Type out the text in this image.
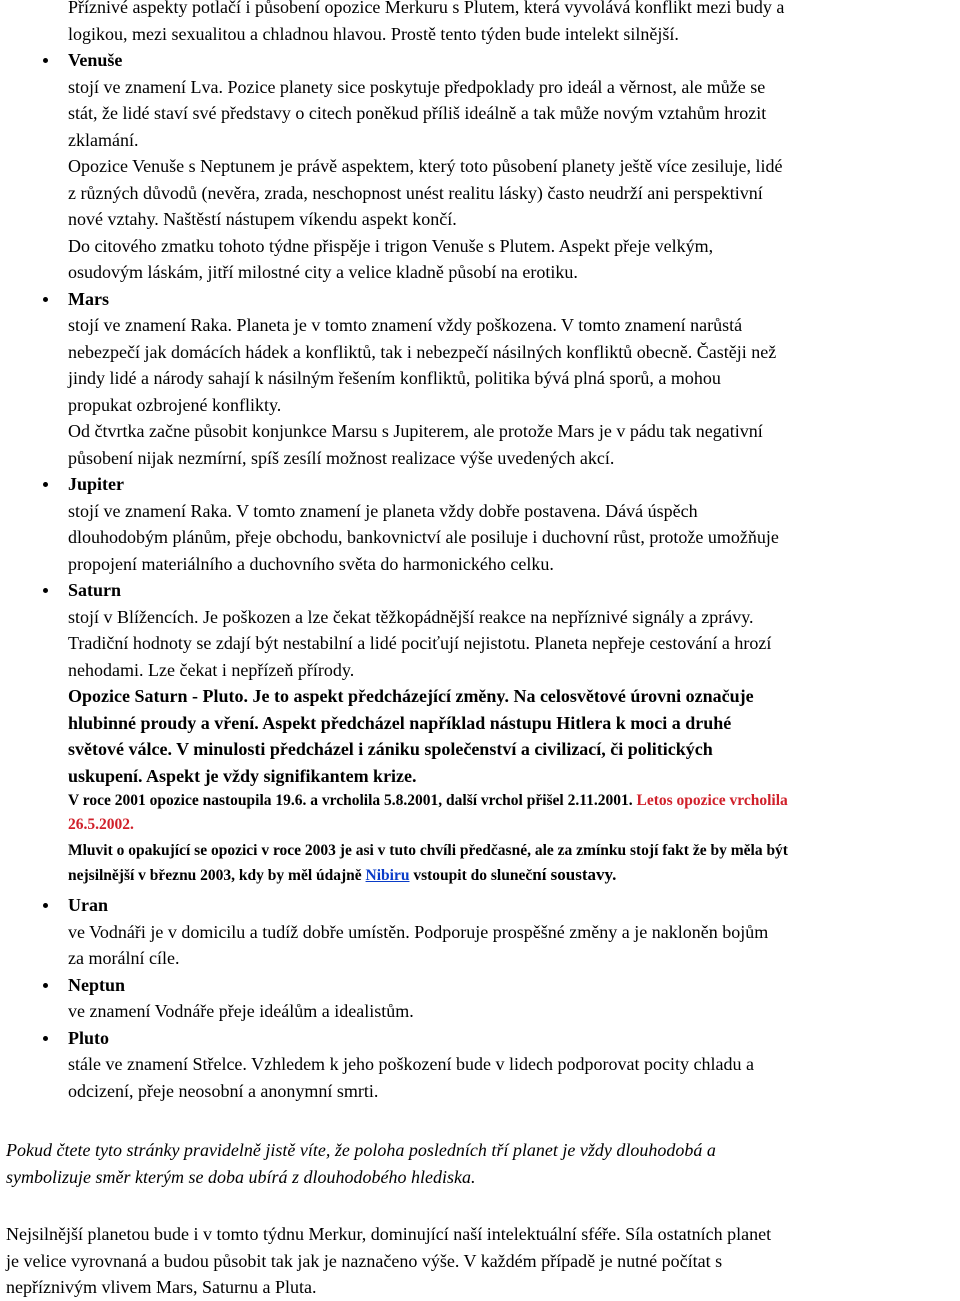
Příznivé aspekty potlačí i působení opozice Merkuru s Plutem, která vyvolává konflikt mezi budy a

logikou, mezi sexualitou a chladnou hlavou. Prostě tento týden bude intelekt silnější.

Venuše

stojí ve znamení Lva. Pozice planety sice poskytuje předpoklady pro ideál a věrnost, ale může se

stát, že lidé staví své představy o citech poněkud příliš ideálně a tak může novým vztahům hrozit

zklamání.

Opozice Venuše s Neptunem je právě aspektem, který toto působení planety ještě více zesiluje, lidé

z různých důvodů (nevěra, zrada, neschopnost unést realitu lásky) často neudrží ani perspektivní

nové vztahy. Naštěstí nástupem víkendu aspekt končí.

Do citového zmatku tohoto týdne přispěje i trigon Venuše s Plutem. Aspekt přeje velkým,

osudovým láskám, jitří milostné city a velice kladně působí na erotiku.

Mars

stojí ve znamení Raka. Planeta je v tomto znamení vždy poškozena. V tomto znamení narůstá

nebezpečí jak domácích hádek a konfliktů, tak i nebezpečí násilných konfliktů obecně. Častěji než

jindy lidé a národy sahají k násilným řešením konfliktů, politika bývá plná sporů, a mohou

propukat ozbrojené konflikty.

Od čtvrtka začne působit konjunkce Marsu s Jupiterem, ale protože Mars je v pádu tak negativní

působení nijak nezmírní, spíš zesílí možnost realizace výše uvedených akcí.

Jupiter

stojí ve znamení Raka. V tomto znamení je planeta vždy dobře postavena. Dává úspěch

dlouhodobým plánům, přeje obchodu, bankovnictví ale posiluje i duchovní růst, protože umožňuje

propojení materiálního a duchovního světa do harmonického celku.

Saturn

stojí v Blížencích. Je poškozen a lze čekat těžkopádnější reakce na nepříznivé signály a zprávy.

Tradiční hodnoty se zdají být nestabilní a lidé pociťují nejistotu. Planeta nepřeje cestování a hrozí

nehodami. Lze čekat i nepřízeň přírody.

Opozice Saturn - Pluto. Je to aspekt předcházející změny. Na celosvětové úrovni označuje

hlubinné proudy a vření. Aspekt předcházel například nástupu Hitlera k moci a druhé

světové válce. V minulosti předcházel i zániku společenství a civilizací, či politických

uskupení. Aspekt je vždy signifikantem krize.

V roce 2001 opozice nastoupila 19.6. a vrcholila 5.8.2001, další vrchol přišel 2.11.2001. Letos opozice vrcholila
26.5.2002.

Mluvit o opakující se opozici v roce 2003 je asi v tuto chvíli předčasné, ale za zmínku stojí fakt že by měla být
nejsilnější v březnu 2003, kdy by měl údajně Nibiru vstoupit do sluneční soustavy.

Uran

ve Vodnáři je v domicilu a tudíž dobře umístěn. Podporuje prospěšné změny a je nakloněn bojům

za morální cíle.

Neptun

ve znamení Vodnáře přeje ideálům a idealistům.

Pluto

stále ve znamení Střelce. Vzhledem k jeho poškození bude v lidech podporovat pocity chladu a

odcizení, přeje neosobní a anonymní smrti.

Pokud čtete tyto stránky pravidelně jistě víte, že poloha posledních tří planet je vždy dlouhodobá a

symbolizuje směr kterým se doba ubírá z dlouhodobého hlediska.

Nejsilnější planetou bude i v tomto týdnu Merkur, dominující naší intelektuální sféře. Síla ostatních planet

je velice vyrovnaná a budou působit tak jak je naznačeno výše. V každém případě je nutné počítat s

nepříznivým vlivem Mars, Saturnu a Pluta.
